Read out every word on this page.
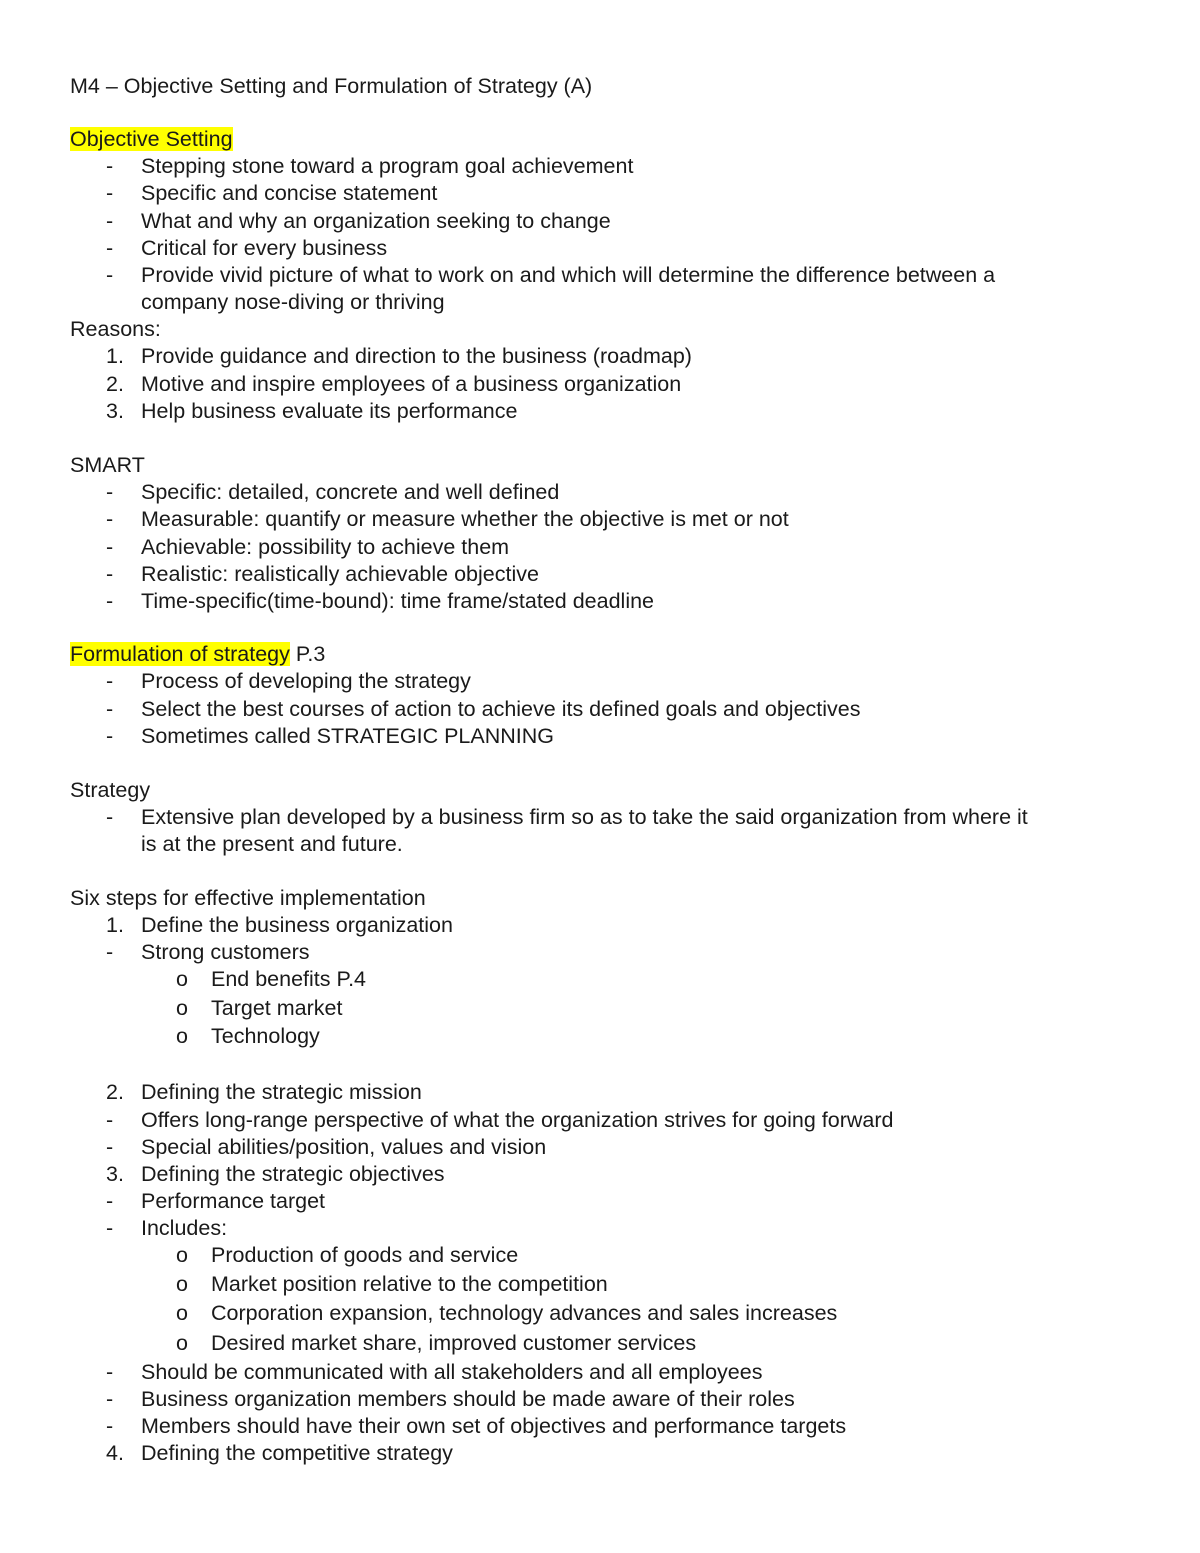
M4 – Objective Setting and Formulation of Strategy (A)
Objective Setting
- Stepping stone toward a program goal achievement
- Specific and concise statement
- What and why an organization seeking to change
- Critical for every business
- Provide vivid picture of what to work on and which will determine the difference between a
company nose-diving or thriving
Reasons:
1. Provide guidance and direction to the business (roadmap)
2. Motive and inspire employees of a business organization
3. Help business evaluate its performance
SMART
- Specific: detailed, concrete and well defined
- Measurable: quantify or measure whether the objective is met or not
- Achievable: possibility to achieve them
- Realistic: realistically achievable objective
- Time-specific(time-bound): time frame/stated deadline
Formulation of strategy P.3
- Process of developing the strategy
- Select the best courses of action to achieve its defined goals and objectives
- Sometimes called STRATEGIC PLANNING
Strategy
- Extensive plan developed by a business firm so as to take the said organization from where it
is at the present and future.
Six steps for effective implementation
1. Define the business organization
- Strong customers
o End benefits P.4
o Target market
o Technology
2. Defining the strategic mission
- Offers long-range perspective of what the organization strives for going forward
- Special abilities/position, values and vision
3. Defining the strategic objectives
- Performance target
- Includes:
o Production of goods and service
o Market position relative to the competition
o Corporation expansion, technology advances and sales increases
o Desired market share, improved customer services
- Should be communicated with all stakeholders and all employees
- Business organization members should be made aware of their roles
- Members should have their own set of objectives and performance targets
4. Defining the competitive strategy
